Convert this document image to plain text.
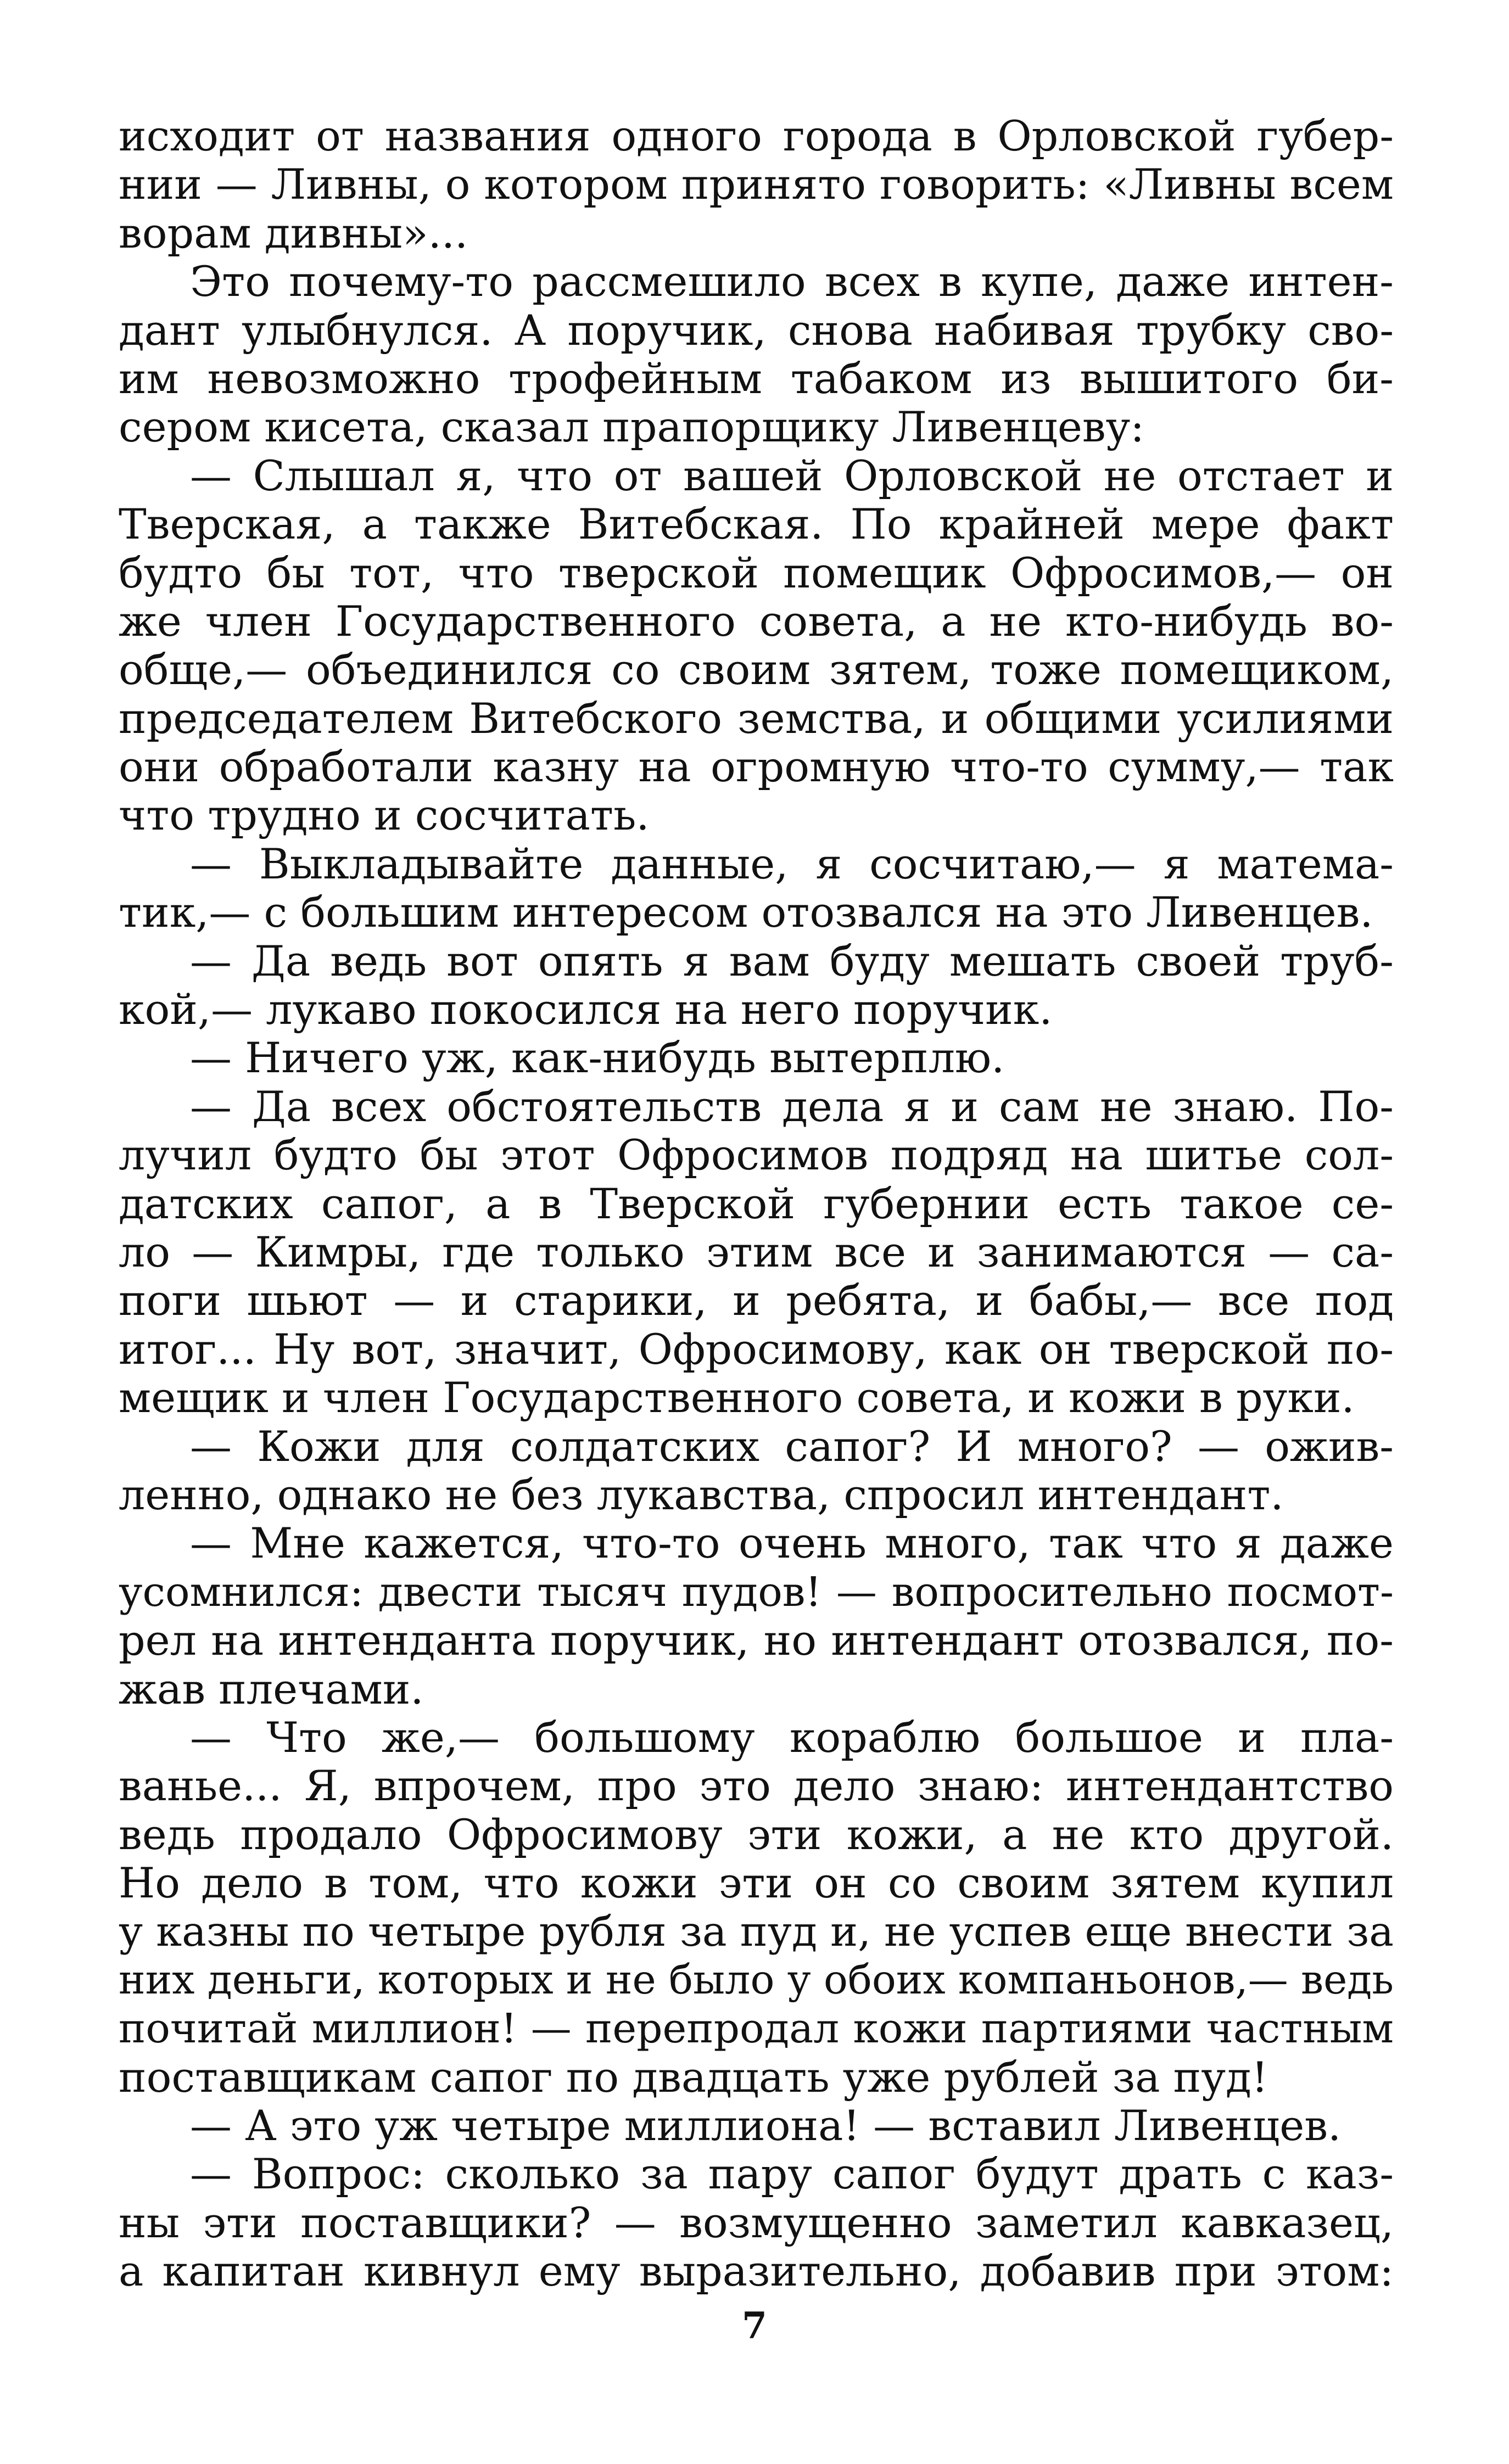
исходит от названия одного города в Орловской губер-
нии — Ливны, о котором принято говорить: «Ливны всем
ворам дивны»...
Это почему-то рассмешило всех в купе, даже интен-
дант улыбнулся. А поручик, снова набивая трубку сво-
им невозможно трофейным табаком из вышитого би-
сером кисета, сказал прапорщику Ливенцеву:
— Слышал я, что от вашей Орловской не отстает и
Тверская, а также Витебская. По крайней мере факт
будто бы тот, что тверской помещик Офросимов,— он
же член Государственного совета, а не кто-нибудь во-
обще,— объединился со своим зятем, тоже помещиком,
председателем Витебского земства, и общими усилиями
они обработали казну на огромную что-то сумму,— так
что трудно и сосчитать.
— Выкладывайте данные, я сосчитаю,— я матема-
тик,— с большим интересом отозвался на это Ливенцев.
— Да ведь вот опять я вам буду мешать своей труб-
кой,— лукаво покосился на него поручик.
— Ничего уж, как-нибудь вытерплю.
— Да всех обстоятельств дела я и сам не знаю. По-
лучил будто бы этот Офросимов подряд на шитье сол-
датских сапог, а в Тверской губернии есть такое се-
ло — Кимры, где только этим все и занимаются — са-
поги шьют — и старики, и ребята, и бабы,— все под
итог... Ну вот, значит, Офросимову, как он тверской по-
мещик и член Государственного совета, и кожи в руки.
— Кожи для солдатских сапог? И много? — ожив-
ленно, однако не без лукавства, спросил интендант.
— Мне кажется, что-то очень много, так что я даже
усомнился: двести тысяч пудов! — вопросительно посмот-
рел на интенданта поручик, но интендант отозвался, по-
жав плечами.
— Что же,— большому кораблю большое и пла-
ванье... Я, впрочем, про это дело знаю: интендантство
ведь продало Офросимову эти кожи, а не кто другой.
Но дело в том, что кожи эти он со своим зятем купил
у казны по четыре рубля за пуд и, не успев еще внести за
них деньги, которых и не было у обоих компаньонов,— ведь
почитай миллион! — перепродал кожи партиями частным
поставщикам сапог по двадцать уже рублей за пуд!
— А это уж четыре миллиона! — вставил Ливенцев.
— Вопрос: сколько за пару сапог будут драть с каз-
ны эти поставщики? — возмущенно заметил кавказец,
а капитан кивнул ему выразительно, добавив при этом:
7
